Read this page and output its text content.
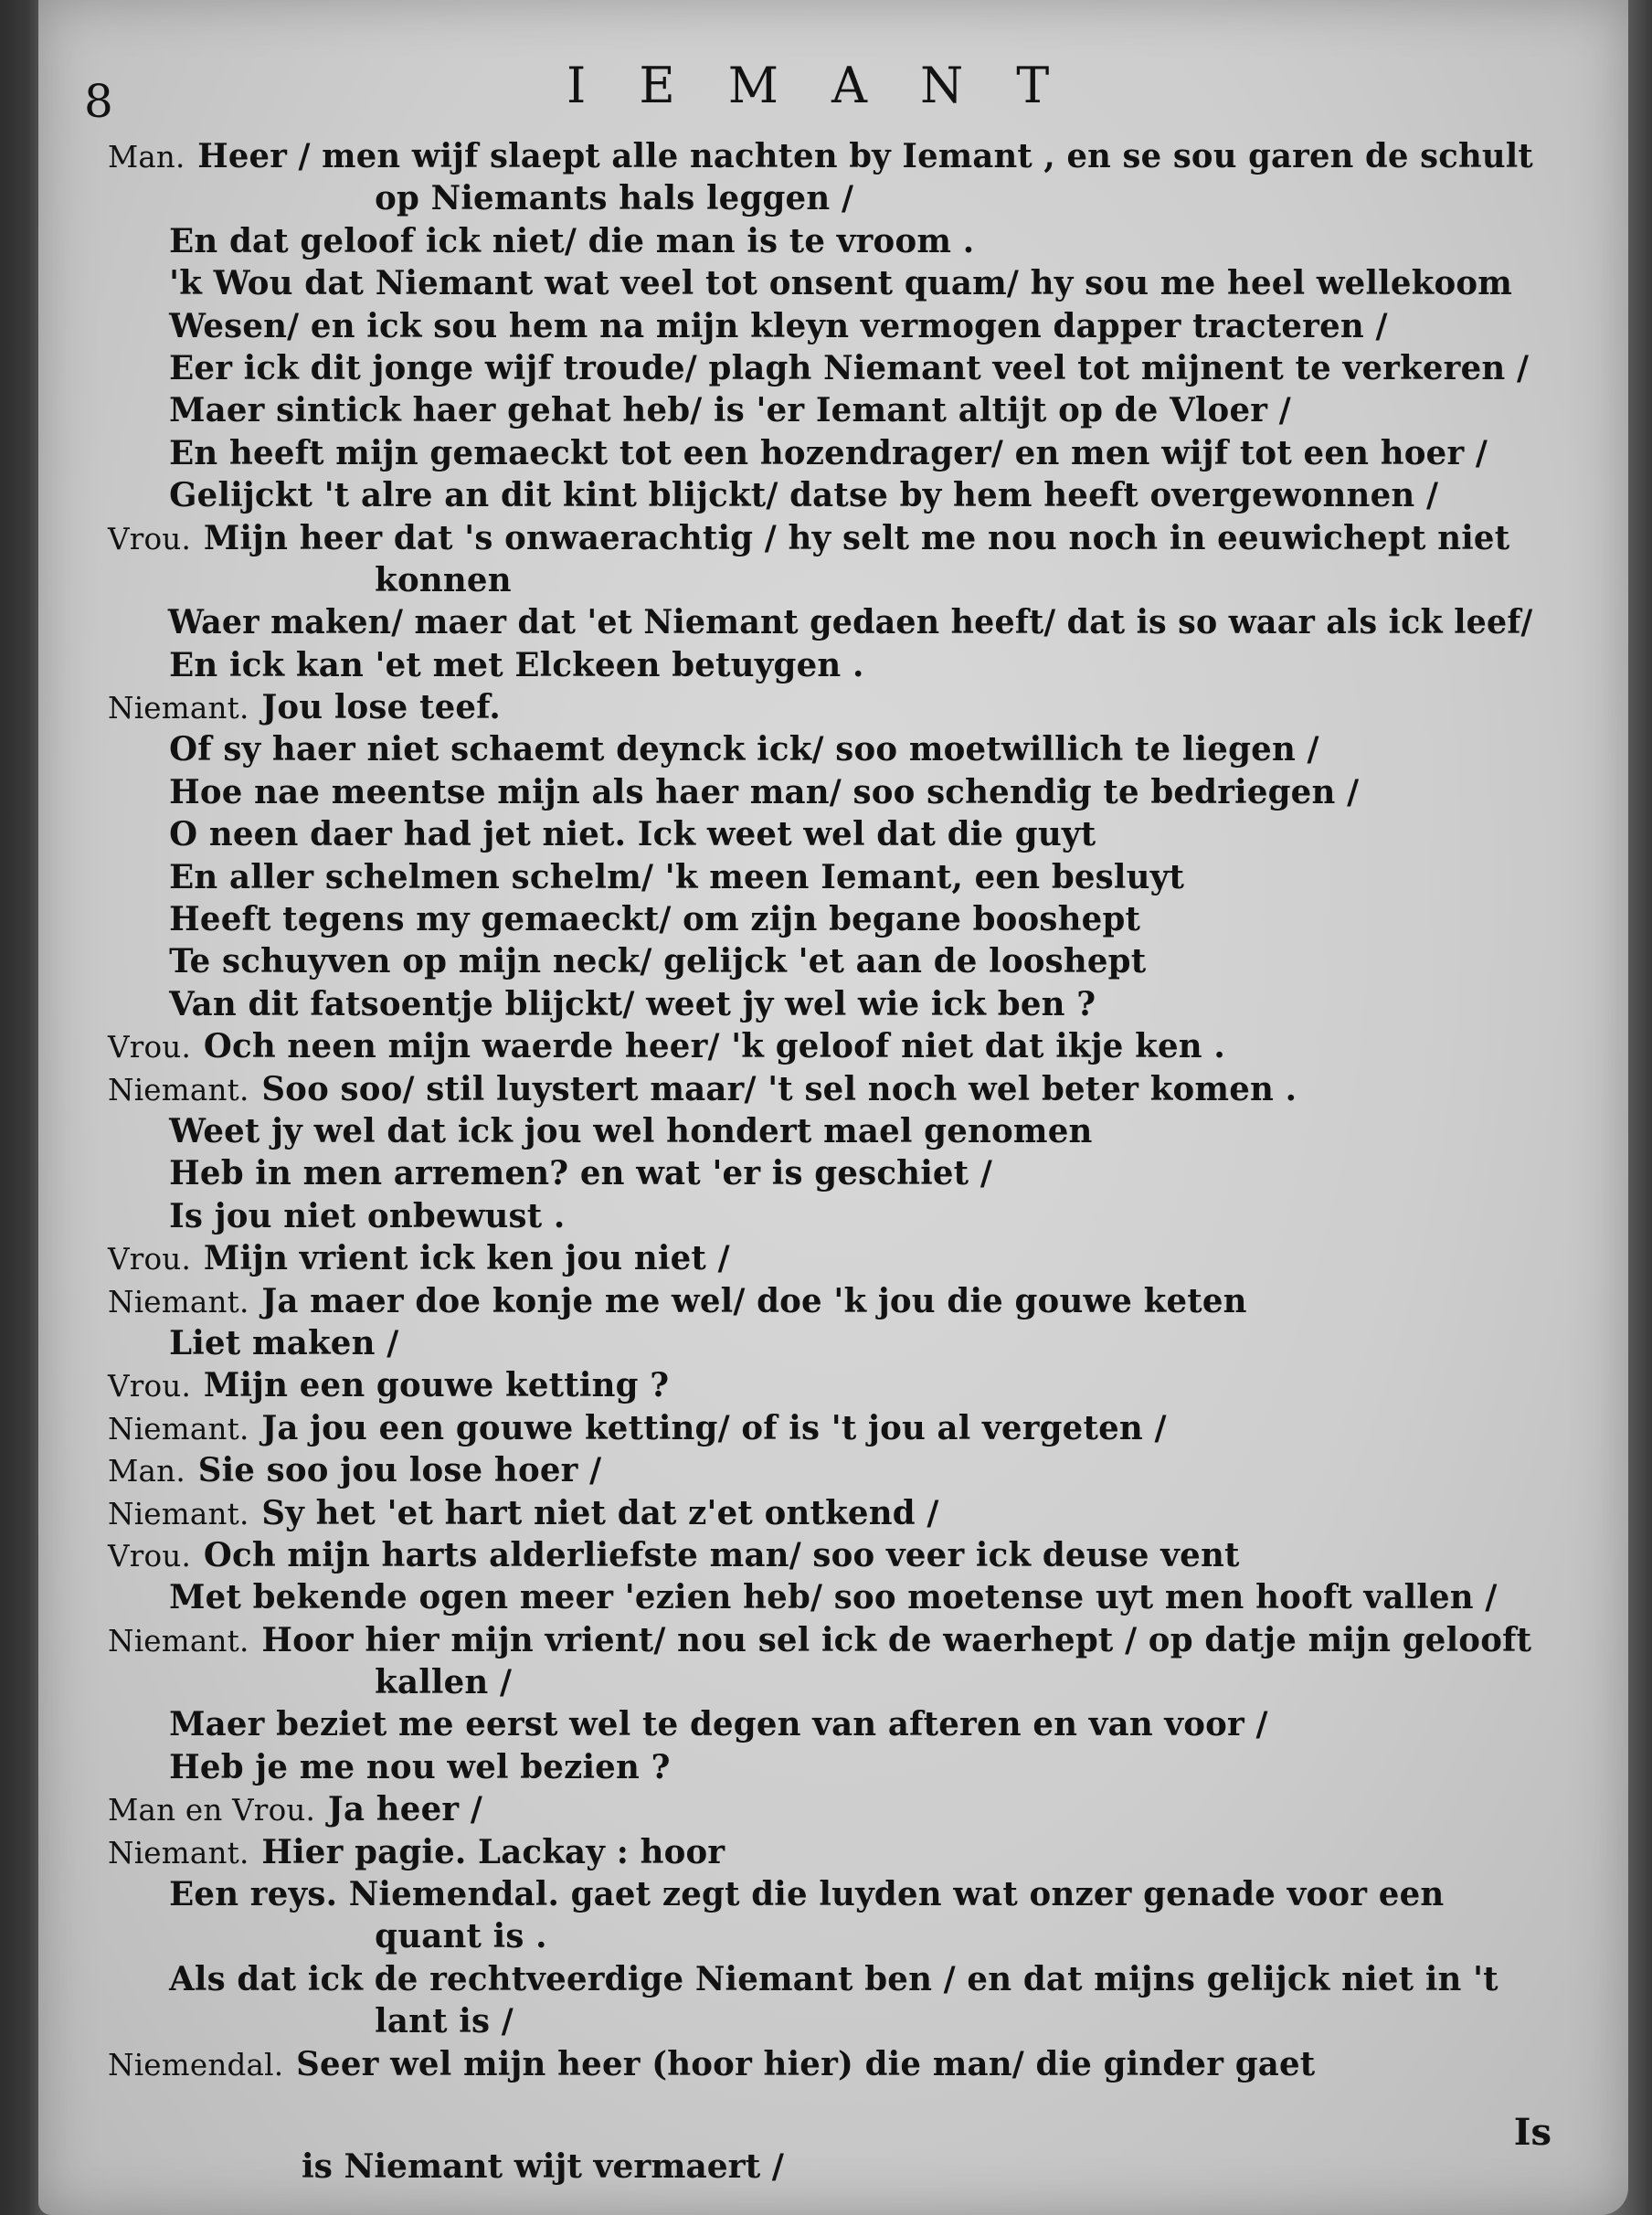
8	IEMANT
Man. Heer / men wijf slaept alle nachten by Iemant , en se sou garen de schult
op Niemants hals leggen /
En dat geloof ick niet/ die man is te vroom .
'k Wou dat Niemant wat veel tot onsent quam/ hy sou me heel wellekoom
Wesen/ en ick sou hem na mijn kleyn vermogen dapper tracteren /
Eer ick dit jonge wijf troude/ plagh Niemant veel tot mijnent te verkeren /
Maer sintick haer gehat heb/ is 'er Iemant altijt op de Vloer /
En heeft mijn gemaeckt tot een hozendrager/ en men wijf tot een hoer /
Gelijckt 't alre an dit kint blijckt/ datse by hem heeft overgewonnen /
Vrou. Mijn heer dat 's onwaerachtig / hy selt me nou noch in eeuwichept niet
konnen
Waer maken/ maer dat 'et Niemant gedaen heeft/ dat is so waar als ick leef/
En ick kan 'et met Elckeen betuygen .
Niemant. Jou lose teef.
Of sy haer niet schaemt deynck ick/ soo moetwillich te liegen /
Hoe nae meentse mijn als haer man/ soo schendig te bedriegen /
O neen daer had jet niet. Ick weet wel dat die guyt
En aller schelmen schelm/ 'k meen Iemant, een besluyt
Heeft tegens my gemaeckt/ om zijn begane booshept
Te schuyven op mijn neck/ gelijck 'et aan de looshept
Van dit fatsoentje blijckt/ weet jy wel wie ick ben ?
Vrou. Och neen mijn waerde heer/ 'k geloof niet dat ikje ken .
Niemant. Soo soo/ stil luystert maar/ 't sel noch wel beter komen .
Weet jy wel dat ick jou wel hondert mael genomen
Heb in men arremen? en wat 'er is geschiet /
Is jou niet onbewust .
Vrou. Mijn vrient ick ken jou niet /
Niemant. Ja maer doe konje me wel/ doe 'k jou die gouwe keten
Liet maken /
Vrou. Mijn een gouwe ketting ?
Niemant. Ja jou een gouwe ketting/ of is 't jou al vergeten /
Man. Sie soo jou lose hoer /
Niemant. Sy het 'et hart niet dat z'et ontkend /
Vrou. Och mijn harts alderliefste man/ soo veer ick deuse vent
Met bekende ogen meer 'ezien heb/ soo moetense uyt men hooft vallen /
Niemant. Hoor hier mijn vrient/ nou sel ick de waerhept / op datje mijn gelooft
kallen /
Maer beziet me eerst wel te degen van afteren en van voor /
Heb je me nou wel bezien ?
Man en Vrou. Ja heer /
Niemant. Hier pagie. Lackay : hoor
Een reys. Niemendal. gaet zegt die luyden wat onzer genade voor een
quant is .
Als dat ick de rechtveerdige Niemant ben / en dat mijns gelijck niet in 't
lant is /
Niemendal. Seer wel mijn heer (hoor hier) die man/ die ginder gaet
is Niemant wijt vermaert /
Is
